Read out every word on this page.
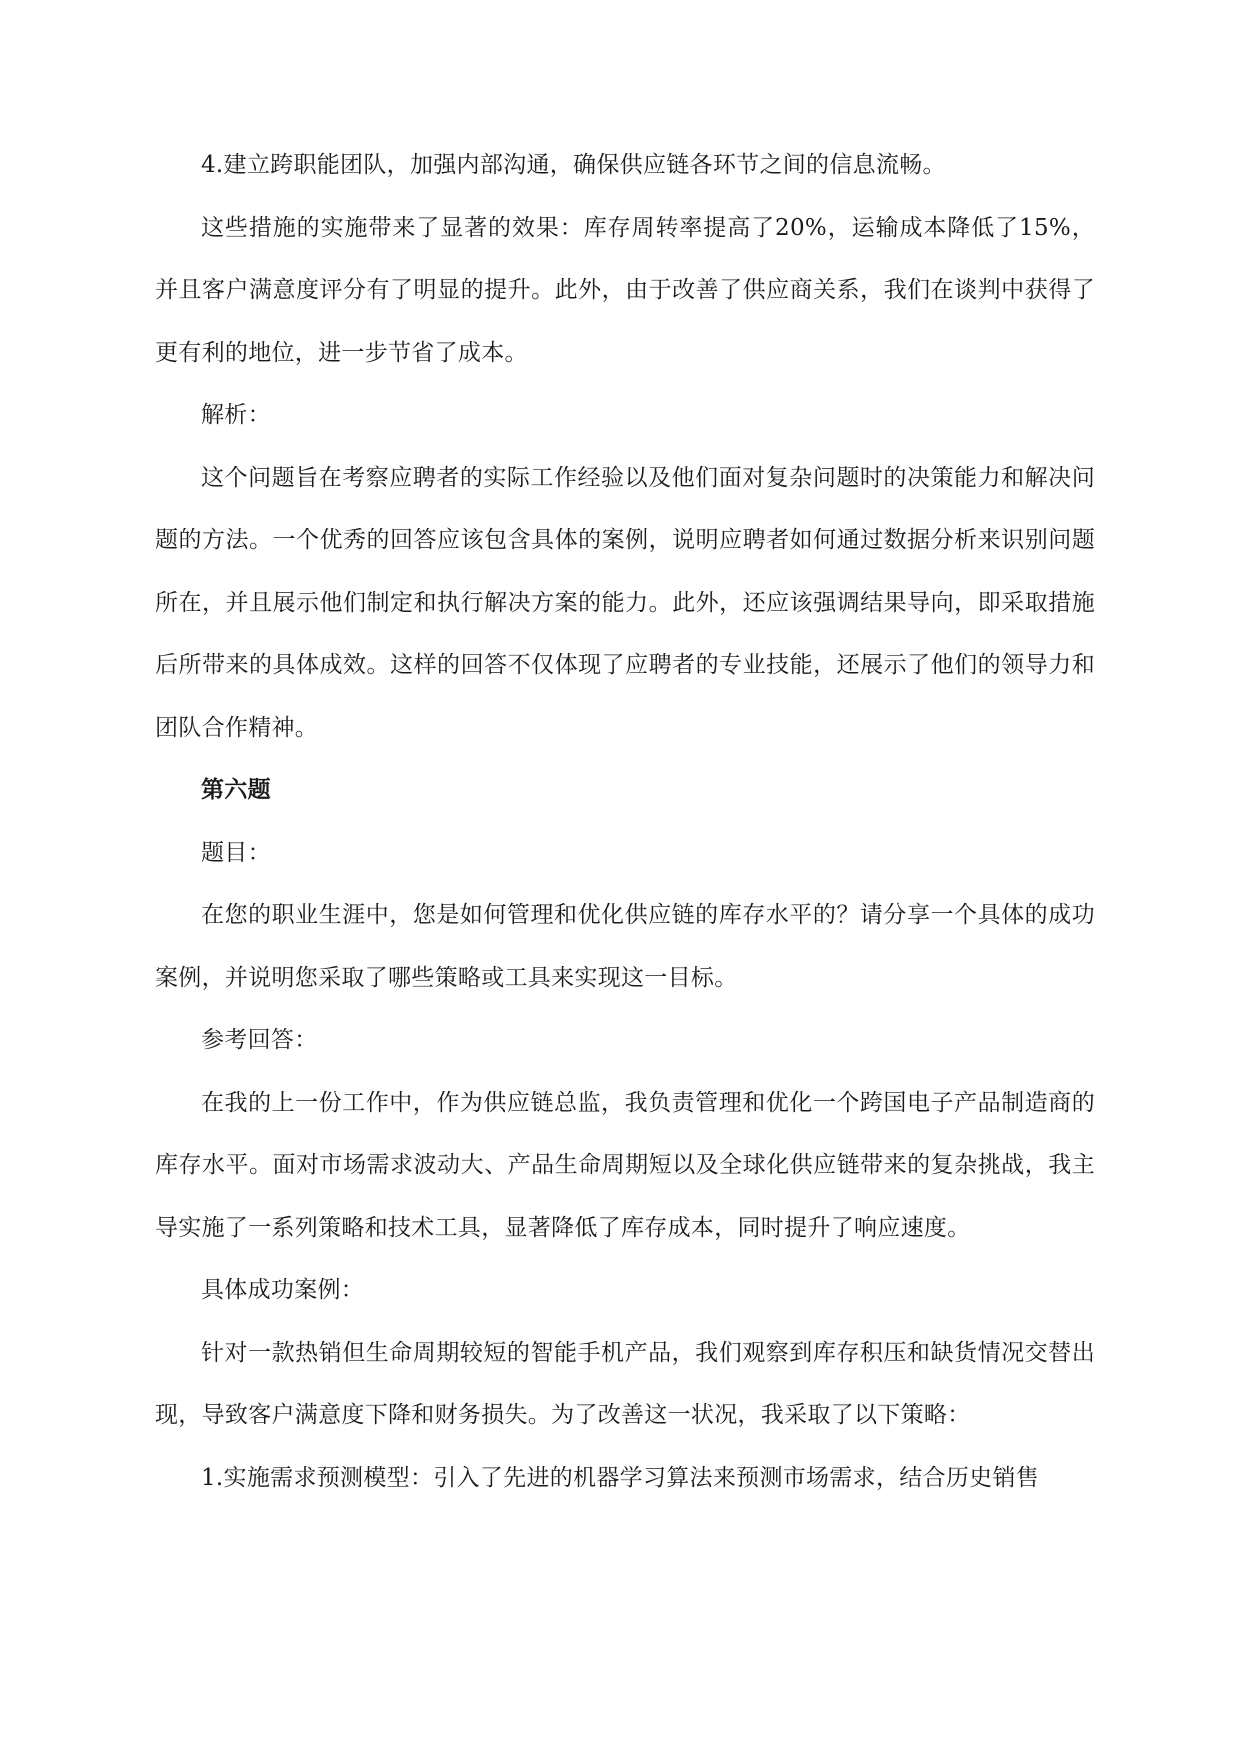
4.建立跨职能团队，加强内部沟通，确保供应链各环节之间的信息流畅。

这些措施的实施带来了显著的效果：库存周转率提高了20%，运输成本降低了15%，并且客户满意度评分有了明显的提升。此外，由于改善了供应商关系，我们在谈判中获得了更有利的地位，进一步节省了成本。

解析：

这个问题旨在考察应聘者的实际工作经验以及他们面对复杂问题时的决策能力和解决问题的方法。一个优秀的回答应该包含具体的案例，说明应聘者如何通过数据分析来识别问题所在，并且展示他们制定和执行解决方案的能力。此外，还应该强调结果导向，即采取措施后所带来的具体成效。这样的回答不仅体现了应聘者的专业技能，还展示了他们的领导力和团队合作精神。

第六题

题目：

在您的职业生涯中，您是如何管理和优化供应链的库存水平的？请分享一个具体的成功案例，并说明您采取了哪些策略或工具来实现这一目标。

参考回答：

在我的上一份工作中，作为供应链总监，我负责管理和优化一个跨国电子产品制造商的库存水平。面对市场需求波动大、产品生命周期短以及全球化供应链带来的复杂挑战，我主导实施了一系列策略和技术工具，显著降低了库存成本，同时提升了响应速度。

具体成功案例：

针对一款热销但生命周期较短的智能手机产品，我们观察到库存积压和缺货情况交替出现，导致客户满意度下降和财务损失。为了改善这一状况，我采取了以下策略：

1.实施需求预测模型：引入了先进的机器学习算法来预测市场需求，结合历史销售
